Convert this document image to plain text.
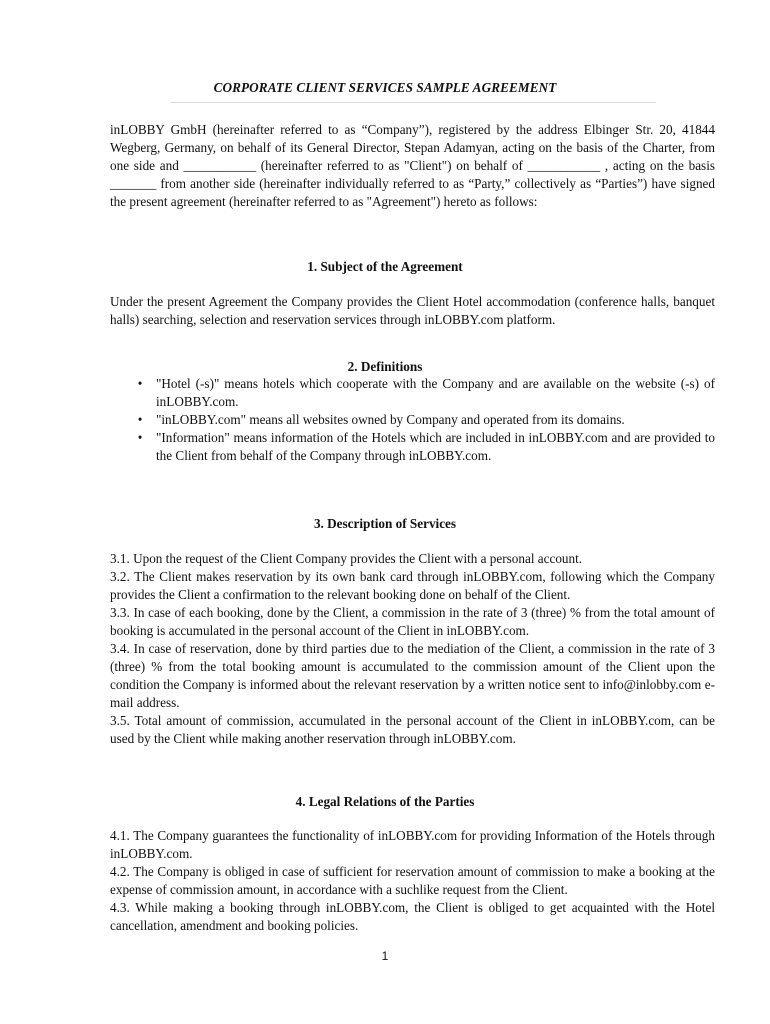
CORPORATE CLIENT SERVICES SAMPLE AGREEMENT

inLOBBY GmbH (hereinafter referred to as “Company”), registered by the address Elbinger Str. 20, 41844 Wegberg, Germany, on behalf of its General Director, Stepan Adamyan, acting on the basis of the Charter, from one side and ___________ (hereinafter referred to as "Client") on behalf of ___________ , acting on the basis _______ from another side (hereinafter individually referred to as “Party,” collectively as “Parties”) have signed the present agreement (hereinafter referred to as "Agreement") hereto as follows:

1. Subject of the Agreement

Under the present Agreement the Company provides the Client Hotel accommodation (conference halls, banquet halls) searching, selection and reservation services through inLOBBY.com platform.

2. Definitions
• "Hotel (-s)" means hotels which cooperate with the Company and are available on the website (-s) of inLOBBY.com.
• "inLOBBY.com" means all websites owned by Company and operated from its domains.
• "Information" means information of the Hotels which are included in inLOBBY.com and are provided to the Client from behalf of the Company through inLOBBY.com.
3. Description of Services

3.1. Upon the request of the Client Company provides the Client with a personal account.

3.2. The Client makes reservation by its own bank card through inLOBBY.com, following which the Company provides the Client a confirmation to the relevant booking done on behalf of the Client.

3.3. In case of each booking, done by the Client, a commission in the rate of 3 (three) % from the total amount of booking is accumulated in the personal account of the Client in inLOBBY.com.

3.4. In case of reservation, done by third parties due to the mediation of the Client, a commission in the rate of 3 (three) % from the total booking amount is accumulated to the commission amount of the Client upon the condition the Company is informed about the relevant reservation by a written notice sent to info@inlobby.com e-mail address.

3.5. Total amount of commission, accumulated in the personal account of the Client in inLOBBY.com, can be used by the Client while making another reservation through inLOBBY.com.

4. Legal Relations of the Parties

4.1. The Company guarantees the functionality of inLOBBY.com for providing Information of the Hotels through inLOBBY.com.

4.2. The Company is obliged in case of sufficient for reservation amount of commission to make a booking at the expense of commission amount, in accordance with a suchlike request from the Client.

4.3. While making a booking through inLOBBY.com, the Client is obliged to get acquainted with the Hotel cancellation, amendment and booking policies.

1
